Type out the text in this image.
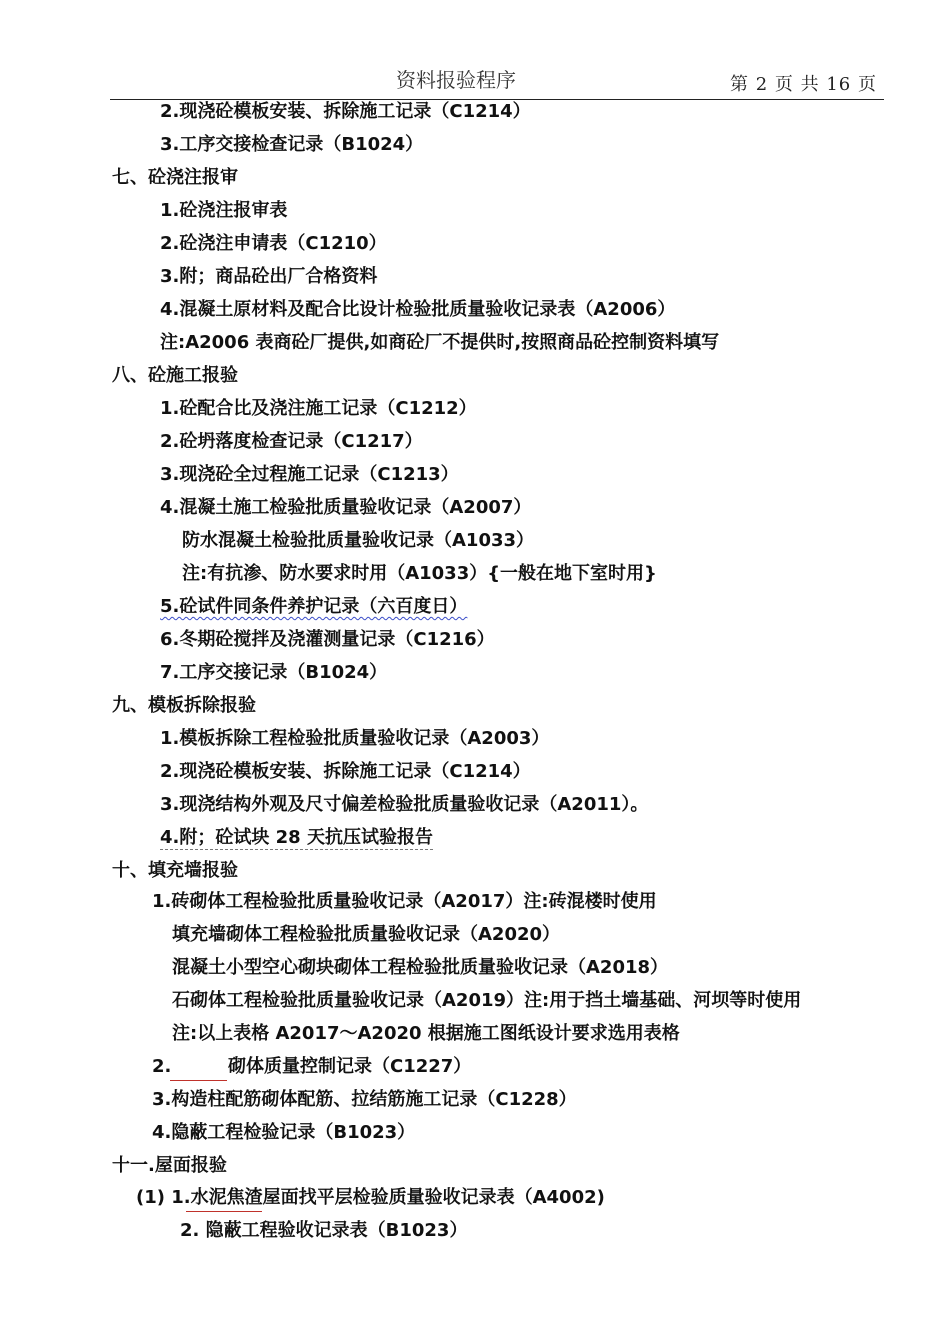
资料报验程序	第 2 页 共 16 页
2.现浇砼模板安装、拆除施工记录（C1214）
3.工序交接检查记录（B1024）
七、砼浇注报审
1.砼浇注报审表
2.砼浇注申请表（C1210）
3.附；商品砼出厂合格资料
4.混凝土原材料及配合比设计检验批质量验收记录表（A2006）
注:A2006 表商砼厂提供,如商砼厂不提供时,按照商品砼控制资料填写
八、砼施工报验
1.砼配合比及浇注施工记录（C1212）
2.砼坍落度检查记录（C1217）
3.现浇砼全过程施工记录（C1213）
4.混凝土施工检验批质量验收记录（A2007）
防水混凝土检验批质量验收记录（A1033）
注:有抗渗、防水要求时用（A1033）{一般在地下室时用}
5.砼试件同条件养护记录（六百度日）
6.冬期砼搅拌及浇灌测量记录（C1216）
7.工序交接记录（B1024）
九、模板拆除报验
1.模板拆除工程检验批质量验收记录（A2003）
2.现浇砼模板安装、拆除施工记录（C1214）
3.现浇结构外观及尺寸偏差检验批质量验收记录（A2011）。
4.附；砼试块 28 天抗压试验报告
十、填充墙报验
1.砖砌体工程检验批质量验收记录（A2017）注:砖混楼时使用
填充墙砌体工程检验批质量验收记录（A2020）
混凝土小型空心砌块砌体工程检验批质量验收记录（A2018）
石砌体工程检验批质量验收记录（A2019）注:用于挡土墙基础、河坝等时使用
注:以上表格 A2017～A2020 根据施工图纸设计要求选用表格
2.	砌体质量控制记录（C1227）
3.构造柱配筋砌体配筋、拉结筋施工记录（C1228）
4.隐蔽工程检验记录（B1023）
十一.屋面报验
(1) 1.水泥焦渣屋面找平层检验质量验收记录表（A4002)
2. 隐蔽工程验收记录表（B1023）
